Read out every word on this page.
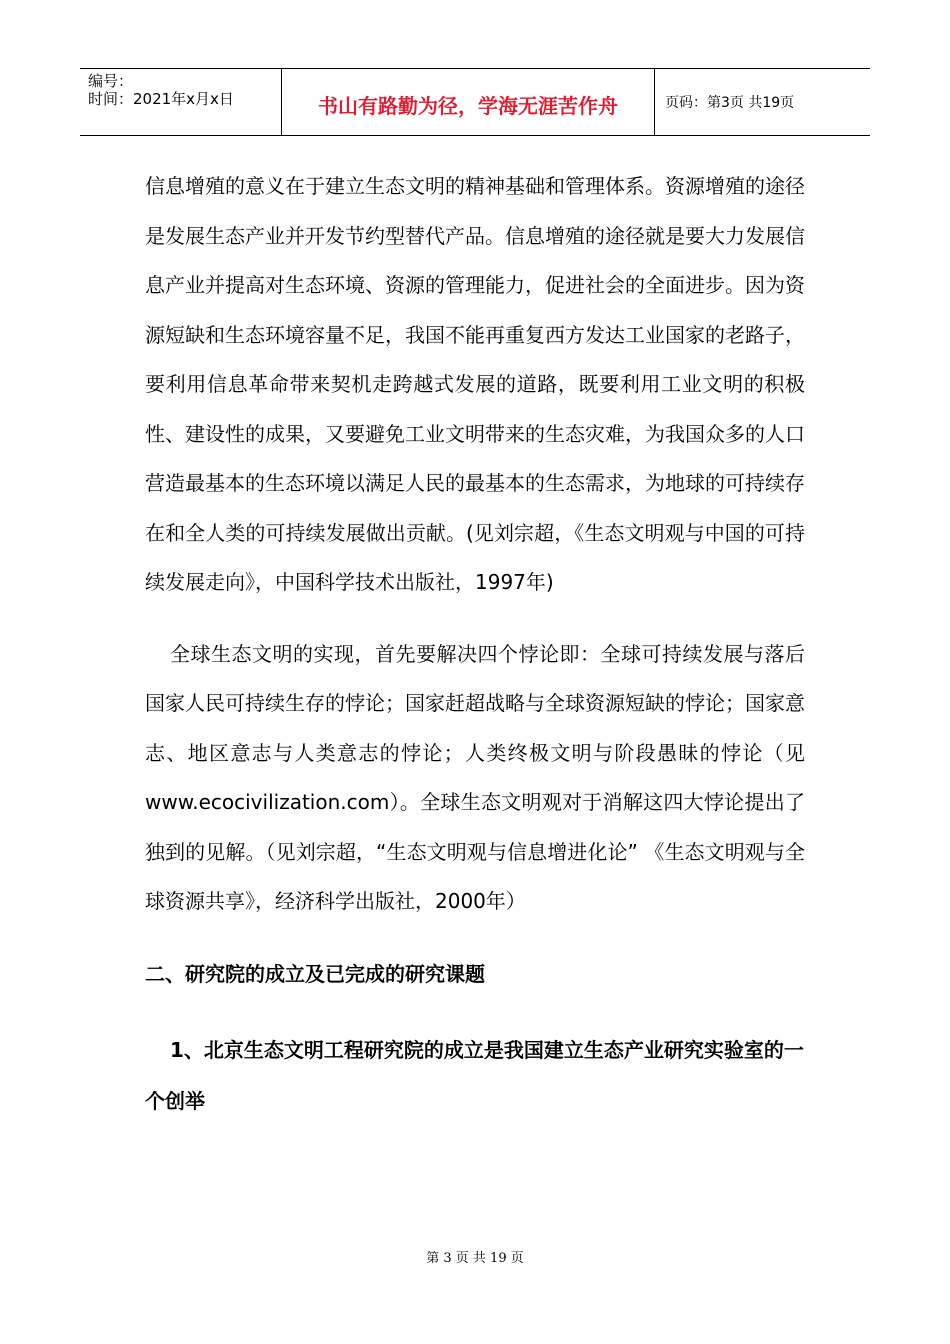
编号：
时间：2021年x月x日	书山有路勤为径，学海无涯苦作舟	页码：第3页 共19页

信息增殖的意义在于建立生态文明的精神基础和管理体系。资源增殖的途径是发展生态产业并开发节约型替代产品。信息增殖的途径就是要大力发展信息产业并提高对生态环境、资源的管理能力，促进社会的全面进步。因为资源短缺和生态环境容量不足，我国不能再重复西方发达工业国家的老路子，要利用信息革命带来契机走跨越式发展的道路，既要利用工业文明的积极性、建设性的成果，又要避免工业文明带来的生态灾难，为我国众多的人口营造最基本的生态环境以满足人民的最基本的生态需求，为地球的可持续存在和全人类的可持续发展做出贡献。(见刘宗超，《生态文明观与中国的可持续发展走向》，中国科学技术出版社，1997年)

全球生态文明的实现，首先要解决四个悖论即：全球可持续发展与落后国家人民可持续生存的悖论；国家赶超战略与全球资源短缺的悖论；国家意志、地区意志与人类意志的悖论；人类终极文明与阶段愚昧的悖论（见www.ecocivilization.com）。全球生态文明观对于消解这四大悖论提出了独到的见解。（见刘宗超，“生态文明观与信息增进化论” 《生态文明观与全球资源共享》，经济科学出版社，2000年）

二、研究院的成立及已完成的研究课题
1、北京生态文明工程研究院的成立是我国建立生态产业研究实验室的一个创举
第 3 页 共 19 页
